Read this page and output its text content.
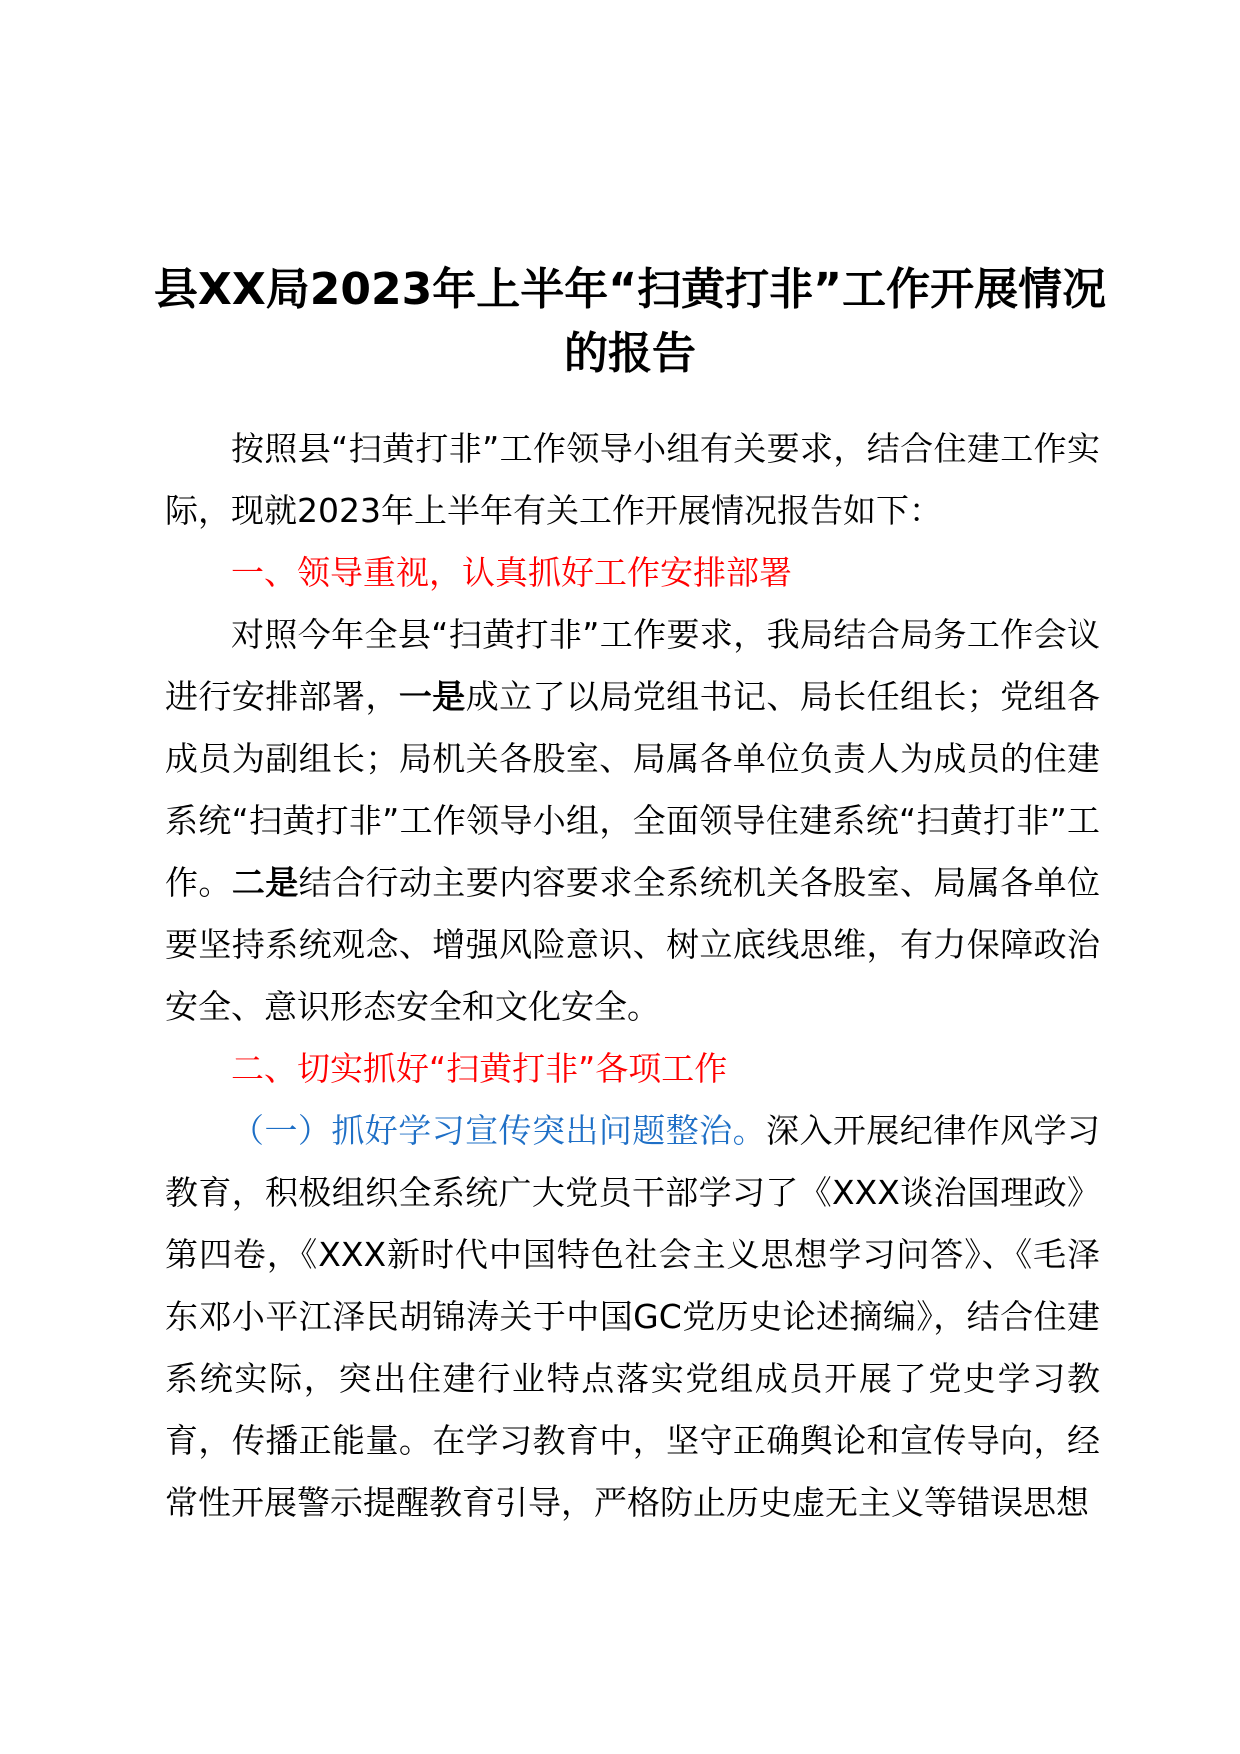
县XX局2023年上半年“扫黄打非”工作开展情况的报告

按照县“扫黄打非”工作领导小组有关要求，结合住建工作实际，现就2023年上半年有关工作开展情况报告如下：

一、领导重视，认真抓好工作安排部署

对照今年全县“扫黄打非”工作要求，我局结合局务工作会议进行安排部署，一是成立了以局党组书记、局长任组长；党组各成员为副组长；局机关各股室、局属各单位负责人为成员的住建系统“扫黄打非”工作领导小组，全面领导住建系统“扫黄打非”工作。二是结合行动主要内容要求全系统机关各股室、局属各单位要坚持系统观念、增强风险意识、树立底线思维，有力保障政治安全、意识形态安全和文化安全。

二、切实抓好“扫黄打非”各项工作

（一）抓好学习宣传突出问题整治。深入开展纪律作风学习教育，积极组织全系统广大党员干部学习了《XXX谈治国理政》第四卷，《XXX新时代中国特色社会主义思想学习问答》、《毛泽东邓小平江泽民胡锦涛关于中国GC党历史论述摘编》，结合住建系统实际，突出住建行业特点落实党组成员开展了党史学习教育，传播正能量。在学习教育中，坚守正确舆论和宣传导向，经常性开展警示提醒教育引导，严格防止历史虚无主义等错误思想
